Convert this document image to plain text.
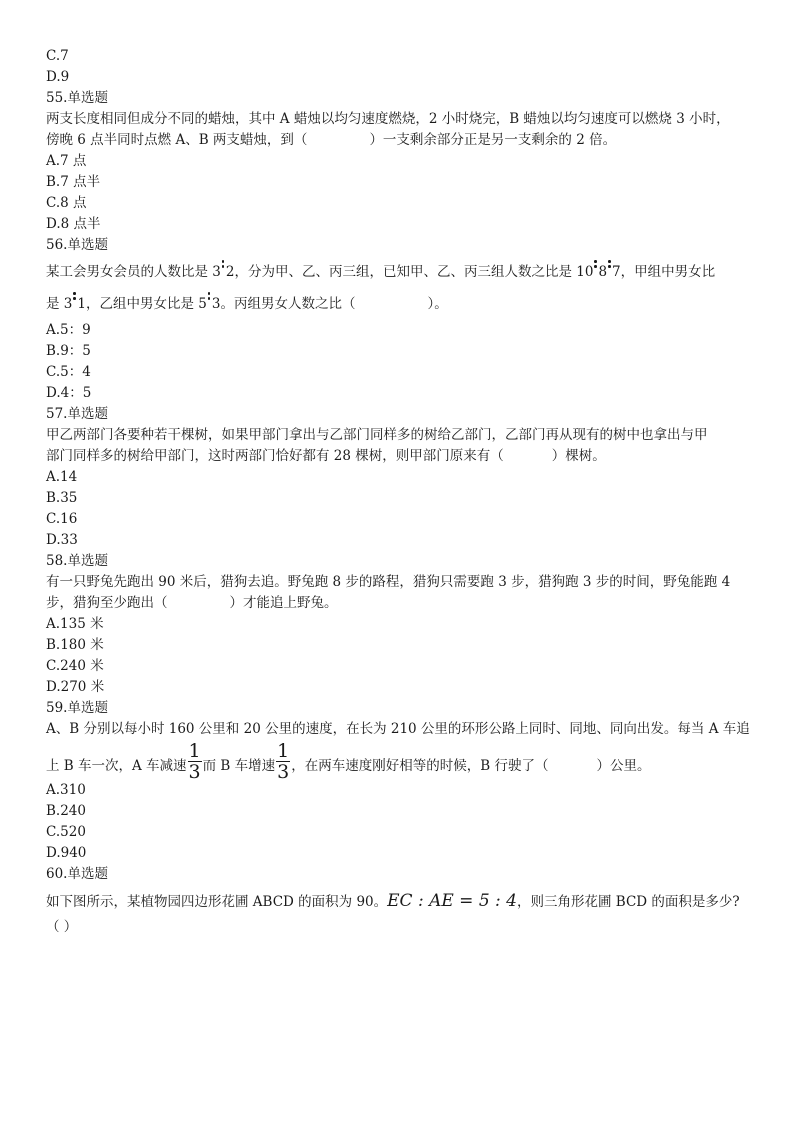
C.7
D.9
55.单选题
两支长度相同但成分不同的蜡烛，其中 A 蜡烛以均匀速度燃烧，2 小时烧完，B 蜡烛以均匀速度可以燃烧 3 小时，
傍晚 6 点半同时点燃 A、B 两支蜡烛，到（	）一支剩余部分正是另一支剩余的 2 倍。
A.7 点
B.7 点半
C.8 点
D.8 点半
56.单选题
某工会男女会员的人数比是 3 2，分为甲、乙、丙三组，已知甲、乙、丙三组人数之比是 10 8 7，甲组中男女比
是 3 1，乙组中男女比是 5 3。丙组男女人数之比（	）。
A.5：9
B.9：5
C.5：4
D.4：5
57.单选题
甲乙两部门各要种若干棵树，如果甲部门拿出与乙部门同样多的树给乙部门，乙部门再从现有的树中也拿出与甲
部门同样多的树给甲部门，这时两部门恰好都有 28 棵树，则甲部门原来有（	）棵树。
A.14
B.35
C.16
D.33
58.单选题
有一只野兔先跑出 90 米后，猎狗去追。野兔跑 8 步的路程，猎狗只需要跑 3 步，猎狗跑 3 步的时间，野兔能跑 4
步，猎狗至少跑出（	）才能追上野兔。
A.135 米
B.180 米
C.240 米
D.270 米
59.单选题
A、B 分别以每小时 160 公里和 20 公里的速度，在长为 210 公里的环形公路上同时、同地、同向出发。每当 A 车追
上 B 车一次，A 车减速 $\frac{1}{3}$ 而 B 车增速 $\frac{1}{3}$ ，在两车速度刚好相等的时候，B 行驶了（	）公里。
A.310
B.240
C.520
D.940
60.单选题
如下图所示，某植物园四边形花圃 ABCD 的面积为 90。EC : AE = 5 : 4，则三角形花圃 BCD 的面积是多少?
（ ）
